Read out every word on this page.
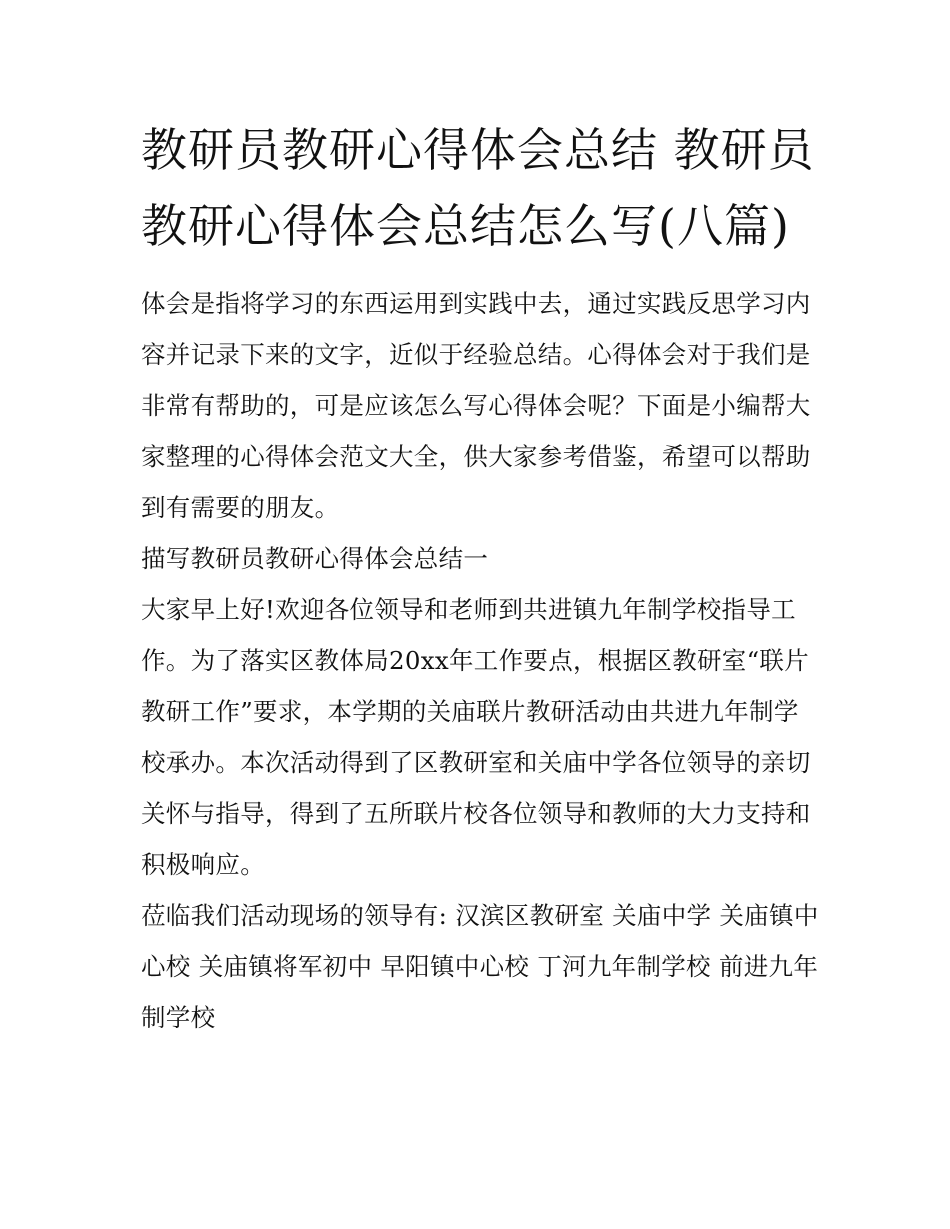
教研员教研心得体会总结 教研员教研心得体会总结怎么写(八篇)

体会是指将学习的东西运用到实践中去，通过实践反思学习内容并记录下来的文字，近似于经验总结。心得体会对于我们是非常有帮助的，可是应该怎么写心得体会呢？下面是小编帮大家整理的心得体会范文大全，供大家参考借鉴，希望可以帮助到有需要的朋友。

描写教研员教研心得体会总结一

大家早上好!欢迎各位领导和老师到共进镇九年制学校指导工作。为了落实区教体局20xx年工作要点，根据区教研室“联片教研工作”要求，本学期的关庙联片教研活动由共进九年制学校承办。本次活动得到了区教研室和关庙中学各位领导的亲切关怀与指导，得到了五所联片校各位领导和教师的大力支持和积极响应。

莅临我们活动现场的领导有: 汉滨区教研室 关庙中学 关庙镇中心校 关庙镇将军初中 早阳镇中心校 丁河九年制学校 前进九年制学校
